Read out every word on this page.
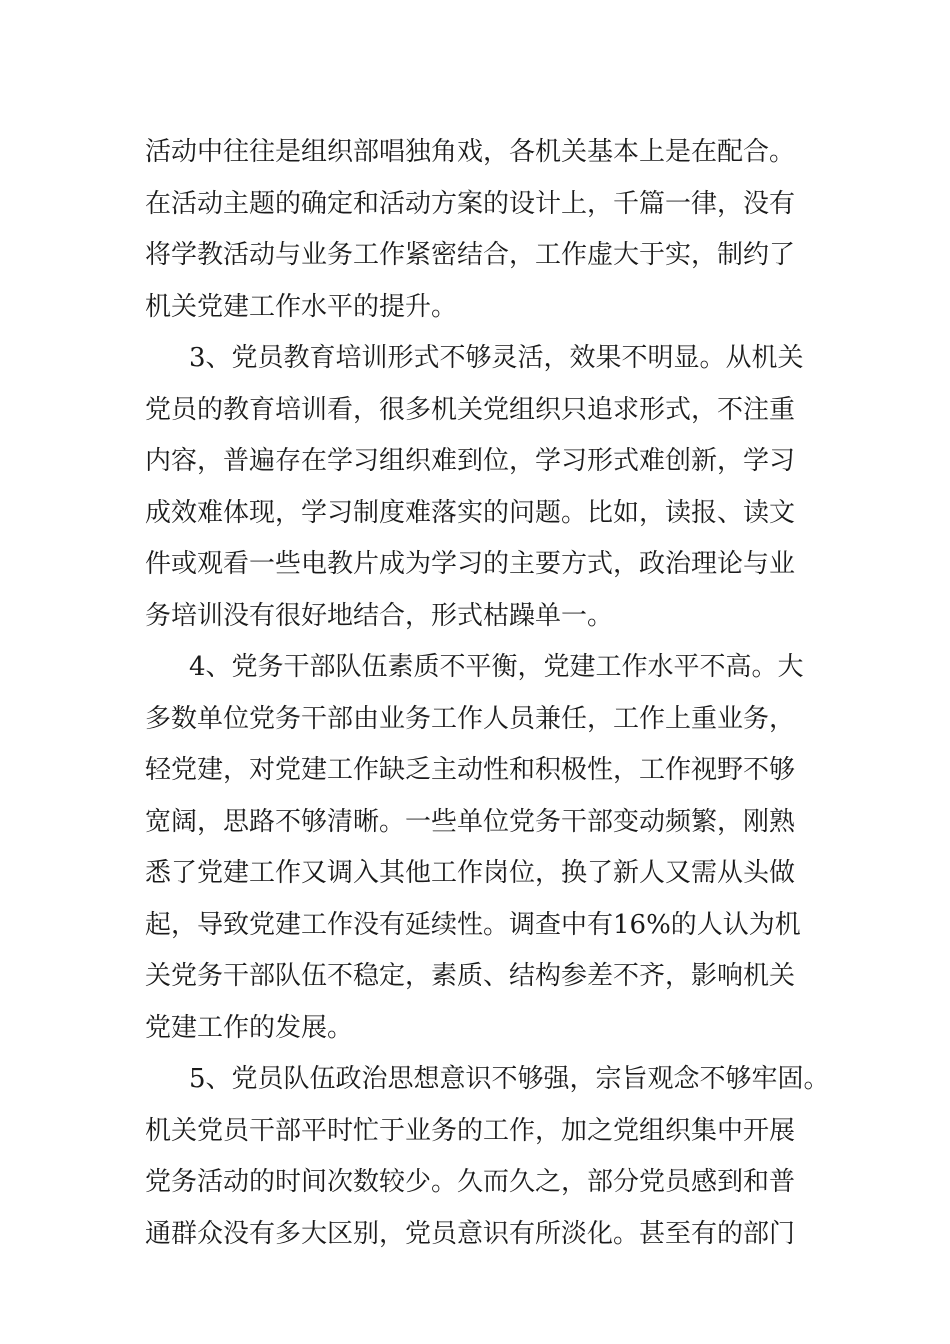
活动中往往是组织部唱独角戏，各机关基本上是在配合。
在活动主题的确定和活动方案的设计上，千篇一律，没有
将学教活动与业务工作紧密结合，工作虚大于实，制约了
机关党建工作水平的提升。
3、党员教育培训形式不够灵活，效果不明显。从机关
党员的教育培训看，很多机关党组织只追求形式，不注重
内容，普遍存在学习组织难到位，学习形式难创新，学习
成效难体现，学习制度难落实的问题。比如，读报、读文
件或观看一些电教片成为学习的主要方式，政治理论与业
务培训没有很好地结合，形式枯躁单一。
4、党务干部队伍素质不平衡，党建工作水平不高。大
多数单位党务干部由业务工作人员兼任，工作上重业务，
轻党建，对党建工作缺乏主动性和积极性，工作视野不够
宽阔，思路不够清晰。一些单位党务干部变动频繁，刚熟
悉了党建工作又调入其他工作岗位，换了新人又需从头做
起，导致党建工作没有延续性。调查中有16%的人认为机
关党务干部队伍不稳定，素质、结构参差不齐，影响机关
党建工作的发展。
5、党员队伍政治思想意识不够强，宗旨观念不够牢固。
机关党员干部平时忙于业务的工作，加之党组织集中开展
党务活动的时间次数较少。久而久之，部分党员感到和普
通群众没有多大区别，党员意识有所淡化。甚至有的部门
